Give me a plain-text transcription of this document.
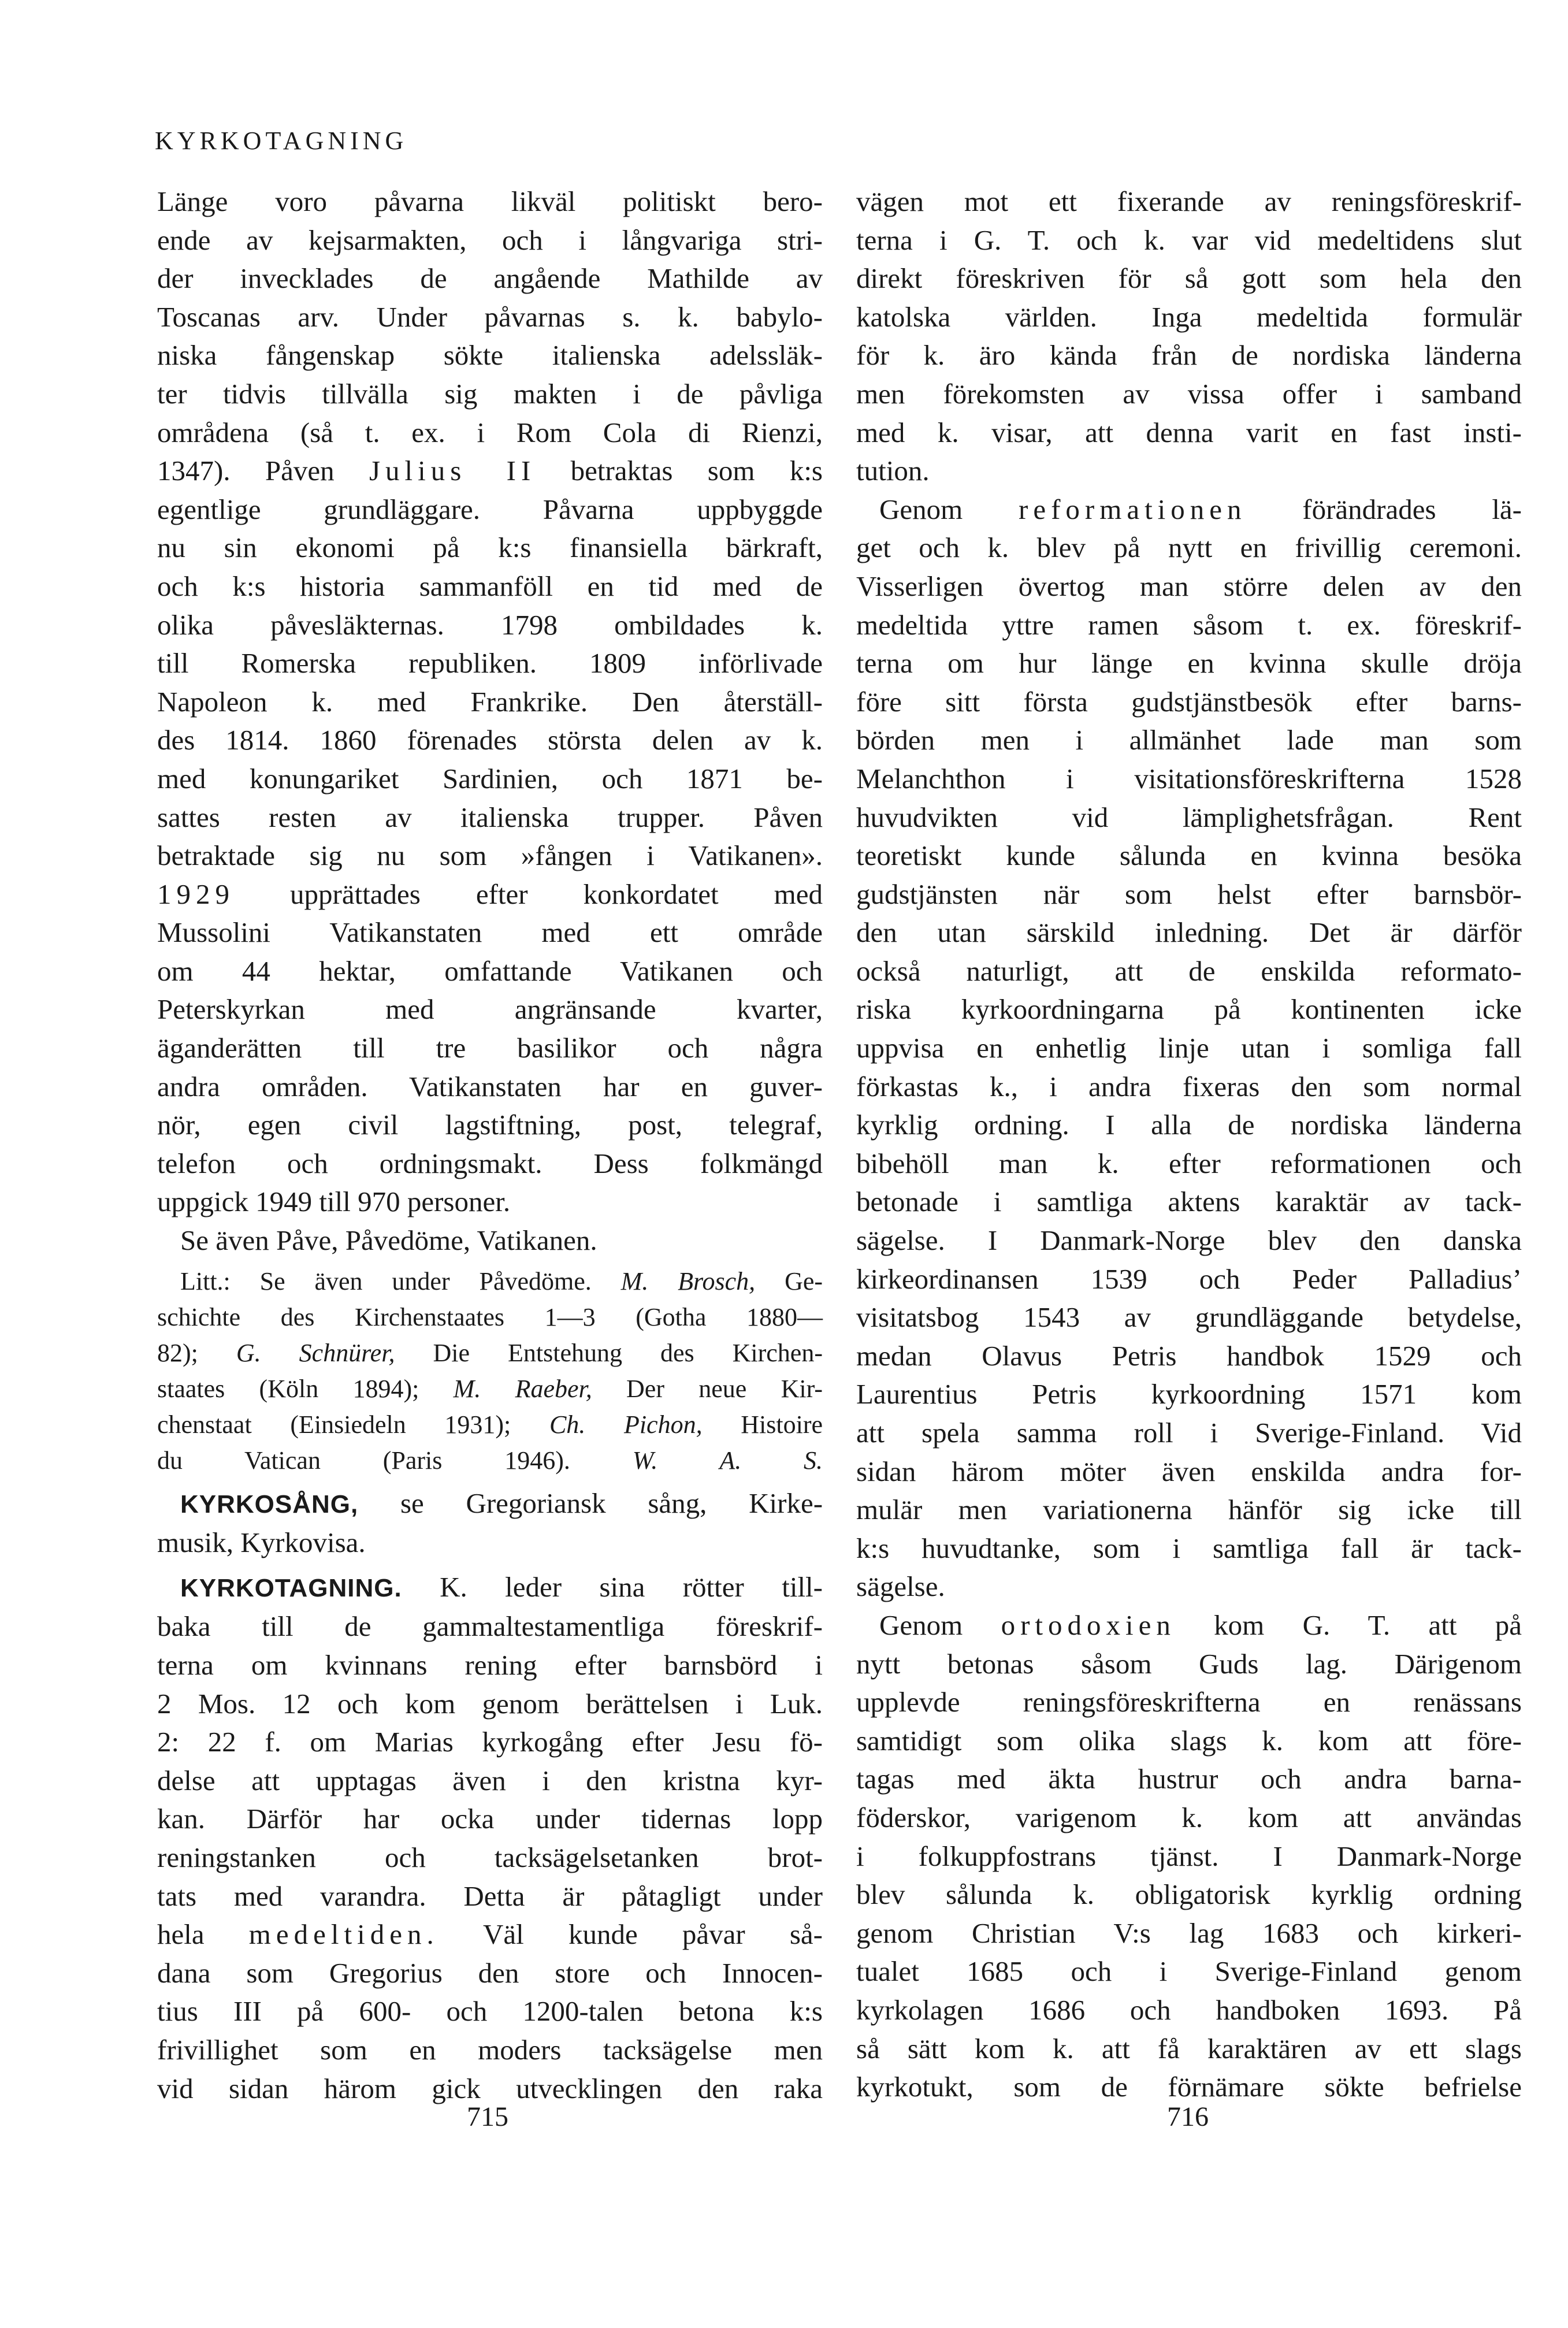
KYRKOTAGNING
Länge voro påvarna likväl politiskt bero-
ende av kejsarmakten, och i långvariga stri-
der invecklades de angående Mathilde av
Toscanas arv. Under påvarnas s. k. babylo-
niska fångenskap sökte italienska adelssläk-
ter tidvis tillvälla sig makten i de påvliga
områdena (så t. ex. i Rom Cola di Rienzi,
1347). Påven Julius II betraktas som k:s
egentlige grundläggare. Påvarna uppbyggde
nu sin ekonomi på k:s finansiella bärkraft,
och k:s historia sammanföll en tid med de
olika påvesläkternas. 1798 ombildades k.
till Romerska republiken. 1809 införlivade
Napoleon k. med Frankrike. Den återställ-
des 1814. 1860 förenades största delen av k.
med konungariket Sardinien, och 1871 be-
sattes resten av italienska trupper. Påven
betraktade sig nu som »fången i Vatikanen».
1929 upprättades efter konkordatet med
Mussolini Vatikanstaten med ett område
om 44 hektar, omfattande Vatikanen och
Peterskyrkan med angränsande kvarter,
äganderätten till tre basilikor och några
andra områden. Vatikanstaten har en guver-
nör, egen civil lagstiftning, post, telegraf,
telefon och ordningsmakt. Dess folkmängd
uppgick 1949 till 970 personer.
Se även Påve, Påvedöme, Vatikanen.
Litt.: Se även under Påvedöme. M. Brosch, Ge-
schichte des Kirchenstaates 1—3 (Gotha 1880—
82); G. Schnürer, Die Entstehung des Kirchen-
staates (Köln 1894); M. Raeber, Der neue Kir-
chenstaat (Einsiedeln 1931); Ch. Pichon, Histoire
du Vatican (Paris 1946). W. A. S.
KYRKOSÅNG, se Gregoriansk sång, Kirke-
musik, Kyrkovisa.
KYRKOTAGNING. K. leder sina rötter till-
baka till de gammaltestamentliga föreskrif-
terna om kvinnans rening efter barnsbörd i
2 Mos. 12 och kom genom berättelsen i Luk.
2: 22 f. om Marias kyrkogång efter Jesu fö-
delse att upptagas även i den kristna kyr-
kan. Därför har ocka under tidernas lopp
reningstanken och tacksägelsetanken brot-
tats med varandra. Detta är påtagligt under
hela medeltiden. Väl kunde påvar så-
dana som Gregorius den store och Innocen-
tius III på 600- och 1200-talen betona k:s
frivillighet som en moders tacksägelse men
vid sidan härom gick utvecklingen den raka
vägen mot ett fixerande av reningsföreskrif-
terna i G. T. och k. var vid medeltidens slut
direkt föreskriven för så gott som hela den
katolska världen. Inga medeltida formulär
för k. äro kända från de nordiska länderna
men förekomsten av vissa offer i samband
med k. visar, att denna varit en fast insti-
tution.
Genom reformationen förändrades lä-
get och k. blev på nytt en frivillig ceremoni.
Visserligen övertog man större delen av den
medeltida yttre ramen såsom t. ex. föreskrif-
terna om hur länge en kvinna skulle dröja
före sitt första gudstjänstbesök efter barns-
börden men i allmänhet lade man som
Melanchthon i visitationsföreskrifterna 1528
huvudvikten vid lämplighetsfrågan. Rent
teoretiskt kunde sålunda en kvinna besöka
gudstjänsten när som helst efter barnsbör-
den utan särskild inledning. Det är därför
också naturligt, att de enskilda reformato-
riska kyrkoordningarna på kontinenten icke
uppvisa en enhetlig linje utan i somliga fall
förkastas k., i andra fixeras den som normal
kyrklig ordning. I alla de nordiska länderna
bibehöll man k. efter reformationen och
betonade i samtliga aktens karaktär av tack-
sägelse. I Danmark-Norge blev den danska
kirkeordinansen 1539 och Peder Palladius’
visitatsbog 1543 av grundläggande betydelse,
medan Olavus Petris handbok 1529 och
Laurentius Petris kyrkoordning 1571 kom
att spela samma roll i Sverige-Finland. Vid
sidan härom möter även enskilda andra for-
mulär men variationerna hänför sig icke till
k:s huvudtanke, som i samtliga fall är tack-
sägelse.
Genom ortodoxien kom G. T. att på
nytt betonas såsom Guds lag. Därigenom
upplevde reningsföreskrifterna en renässans
samtidigt som olika slags k. kom att före-
tagas med äkta hustrur och andra barna-
föderskor, varigenom k. kom att användas
i folkuppfostrans tjänst. I Danmark-Norge
blev sålunda k. obligatorisk kyrklig ordning
genom Christian V:s lag 1683 och kirkeri-
tualet 1685 och i Sverige-Finland genom
kyrkolagen 1686 och handboken 1693. På
så sätt kom k. att få karaktären av ett slags
kyrkotukt, som de förnämare sökte befrielse
715	716
